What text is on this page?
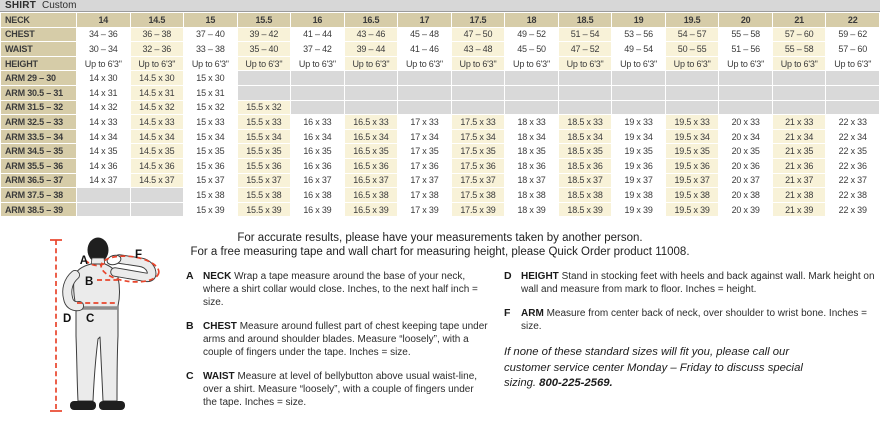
SHIRT Custom
NECK	14	14.5	15	15.5	16	16.5	17	17.5	18	18.5	19	19.5	20	21	22
CHEST	34 – 36	36 – 38	37 – 40	39 – 42	41 – 44	43 – 46	45 – 48	47 – 50	49 – 52	51 – 54	53 – 56	54 – 57	55 – 58	57 – 60	59 – 62
WAIST	30 – 34	32 – 36	33 – 38	35 – 40	37 – 42	39 – 44	41 – 46	43 – 48	45 – 50	47 – 52	49 – 54	50 – 55	51 – 56	55 – 58	57 – 60
HEIGHT	Up to 6'3"	Up to 6'3"	Up to 6'3"	Up to 6'3"	Up to 6'3"	Up to 6'3"	Up to 6'3"	Up to 6'3"	Up to 6'3"	Up to 6'3"	Up to 6'3"	Up to 6'3"	Up to 6'3"	Up to 6'3"	Up to 6'3"
ARM 29 – 30	14 x 30	14.5 x 30	15 x 30												
ARM 30.5 – 31	14 x 31	14.5 x 31	15 x 31												
ARM 31.5 – 32	14 x 32	14.5 x 32	15 x 32	15.5 x 32											
ARM 32.5 – 33	14 x 33	14.5 x 33	15 x 33	15.5 x 33	16 x 33	16.5 x 33	17 x 33	17.5 x 33	18 x 33	18.5 x 33	19 x 33	19.5 x 33	20 x 33	21 x 33	22 x 33
ARM 33.5 – 34	14 x 34	14.5 x 34	15 x 34	15.5 x 34	16 x 34	16.5 x 34	17 x 34	17.5 x 34	18 x 34	18.5 x 34	19 x 34	19.5 x 34	20 x 34	21 x 34	22 x 34
ARM 34.5 – 35	14 x 35	14.5 x 35	15 x 35	15.5 x 35	16 x 35	16.5 x 35	17 x 35	17.5 x 35	18 x 35	18.5 x 35	19 x 35	19.5 x 35	20 x 35	21 x 35	22 x 35
ARM 35.5 – 36	14 x 36	14.5 x 36	15 x 36	15.5 x 36	16 x 36	16.5 x 36	17 x 36	17.5 x 36	18 x 36	18.5 x 36	19 x 36	19.5 x 36	20 x 36	21 x 36	22 x 36
ARM 36.5 – 37	14 x 37	14.5 x 37	15 x 37	15.5 x 37	16 x 37	16.5 x 37	17 x 37	17.5 x 37	18 x 37	18.5 x 37	19 x 37	19.5 x 37	20 x 37	21 x 37	22 x 37
ARM 37.5 – 38			15 x 38	15.5 x 38	16 x 38	16.5 x 38	17 x 38	17.5 x 38	18 x 38	18.5 x 38	19 x 38	19.5 x 38	20 x 38	21 x 38	22 x 38
ARM 38.5 – 39			15 x 39	15.5 x 39	16 x 39	16.5 x 39	17 x 39	17.5 x 39	18 x 39	18.5 x 39	19 x 39	19.5 x 39	20 x 39	21 x 39	22 x 39
For accurate results, please have your measurements taken by another person.
For a free measuring tape and wall chart for measuring height, please Quick Order product 11008.
A	F
B
C
D
A NECK Wrap a tape measure around the base of your neck, where a shirt collar would close. Inches, to the next half inch = size.
B CHEST Measure around fullest part of chest keeping tape under arms and around shoulder blades. Measure “loosely”, with a couple of fingers under the tape. Inches = size.
C WAIST Measure at level of bellybutton above usual waist-line, over a shirt. Measure “loosely”, with a couple of fingers under the tape. Inches = size.
D HEIGHT Stand in stocking feet with heels and back against wall. Mark height on wall and measure from mark to floor. Inches = height.
F	ARM Measure from center back of neck, over shoulder to wrist bone. Inches = size.
If none of these standard sizes will fit you, please call our customer service center Monday – Friday to discuss special sizing. 800-225-2569.
